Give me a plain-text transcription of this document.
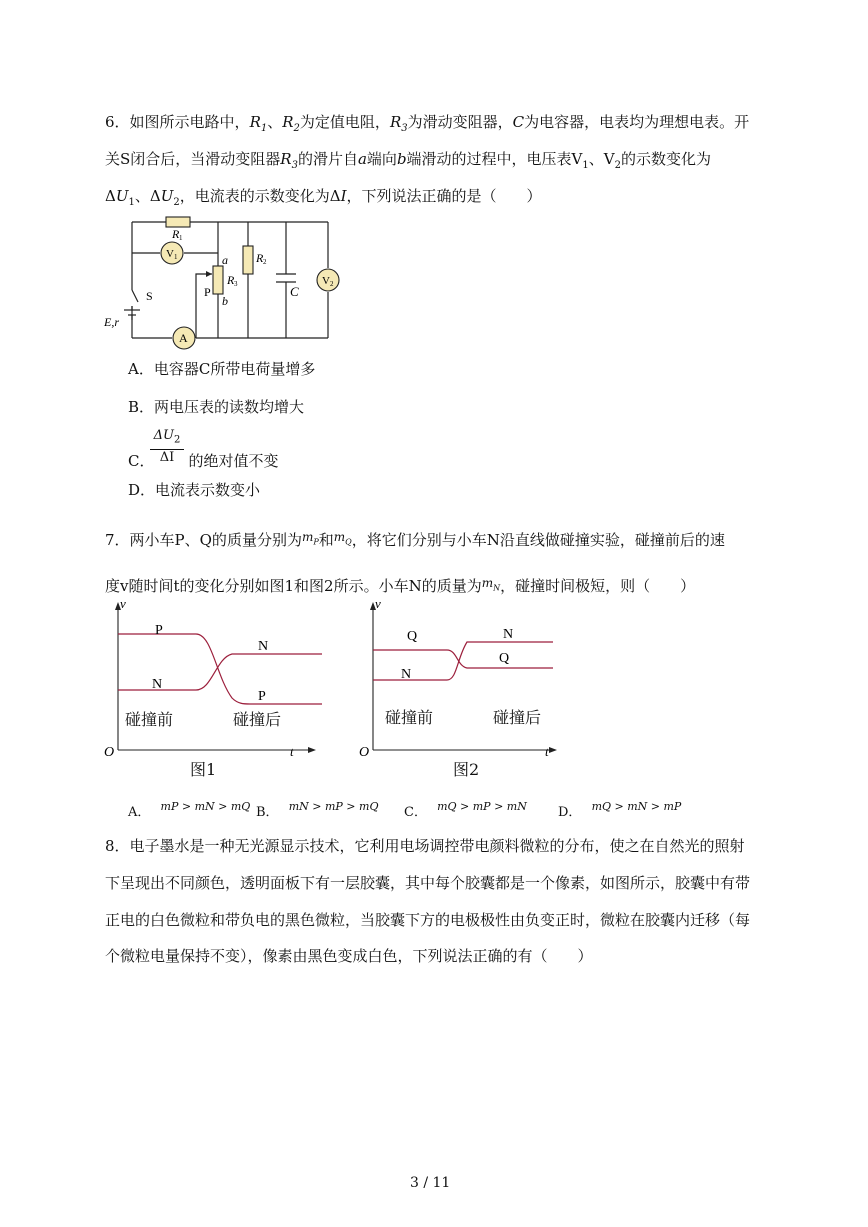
6．如图所示电路中，$R_1$、$R_2$为定值电阻，$R_3$为滑动变阻器，C为电容器，电表均为理想电表。开
关S闭合后，当滑动变阻器$R_3$的滑片自a端向b端滑动的过程中，电压表$V_1$、$V_2$的示数变化为
$\Delta U_1$、$\Delta U_2$，电流表的示数变化为ΔI，下列说法正确的是（　　）
V 1
V 2
A
R 1
R 2
R 3
a
b
P	C
S
E,r
A．电容器C所带电荷量增多
B．两电压表的读数均增大
$\Delta U_2$
ΔI
C． 的绝对值不变
D．电流表示数变小
7．两小车P、Q的质量分别为$^{m_P}$和$^{m_Q}$，将它们分别与小车N沿直线做碰撞实验，碰撞前后的速
度v随时间t的变化分别如图1和图2所示。小车N的质量为$^{m_N}$，碰撞时间极短，则（　　）
v
t
O
P
N
N
P
碰撞前	碰撞后
图1
v
t
O
Q
N
N
Q
碰撞前	碰撞后
图2
A． $^{mP > mN > mQ}$ B． $^{mN > mP > mQ}$ C． $^{mQ > mP > mN}$ D． $^{mQ > mN > mP}$
8．电子墨水是一种无光源显示技术，它利用电场调控带电颜料微粒的分布，使之在自然光的照射
下呈现出不同颜色，透明面板下有一层胶囊，其中每个胶囊都是一个像素，如图所示，胶囊中有带
正电的白色微粒和带负电的黑色微粒，当胶囊下方的电极极性由负变正时，微粒在胶囊内迁移（每
个微粒电量保持不变），像素由黑色变成白色，下列说法正确的有（　　）
3 / 11
